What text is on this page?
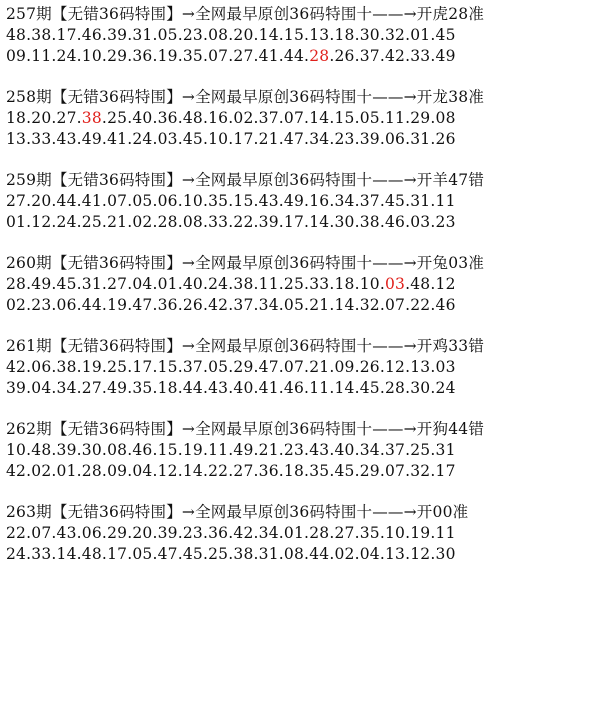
257期【无错36码特围】→全网最早原创36码特围十——→开虎28准
48.38.17.46.39.31.05.23.08.20.14.15.13.18.30.32.01.45
09.11.24.10.29.36.19.35.07.27.41.44.28.26.37.42.33.49
258期【无错36码特围】→全网最早原创36码特围十——→开龙38准
18.20.27.38.25.40.36.48.16.02.37.07.14.15.05.11.29.08
13.33.43.49.41.24.03.45.10.17.21.47.34.23.39.06.31.26
259期【无错36码特围】→全网最早原创36码特围十——→开羊47错
27.20.44.41.07.05.06.10.35.15.43.49.16.34.37.45.31.11
01.12.24.25.21.02.28.08.33.22.39.17.14.30.38.46.03.23
260期【无错36码特围】→全网最早原创36码特围十——→开兔03准
28.49.45.31.27.04.01.40.24.38.11.25.33.18.10.03.48.12
02.23.06.44.19.47.36.26.42.37.34.05.21.14.32.07.22.46
261期【无错36码特围】→全网最早原创36码特围十——→开鸡33错
42.06.38.19.25.17.15.37.05.29.47.07.21.09.26.12.13.03
39.04.34.27.49.35.18.44.43.40.41.46.11.14.45.28.30.24
262期【无错36码特围】→全网最早原创36码特围十——→开狗44错
10.48.39.30.08.46.15.19.11.49.21.23.43.40.34.37.25.31
42.02.01.28.09.04.12.14.22.27.36.18.35.45.29.07.32.17
263期【无错36码特围】→全网最早原创36码特围十——→开00准
22.07.43.06.29.20.39.23.36.42.34.01.28.27.35.10.19.11
24.33.14.48.17.05.47.45.25.38.31.08.44.02.04.13.12.30
